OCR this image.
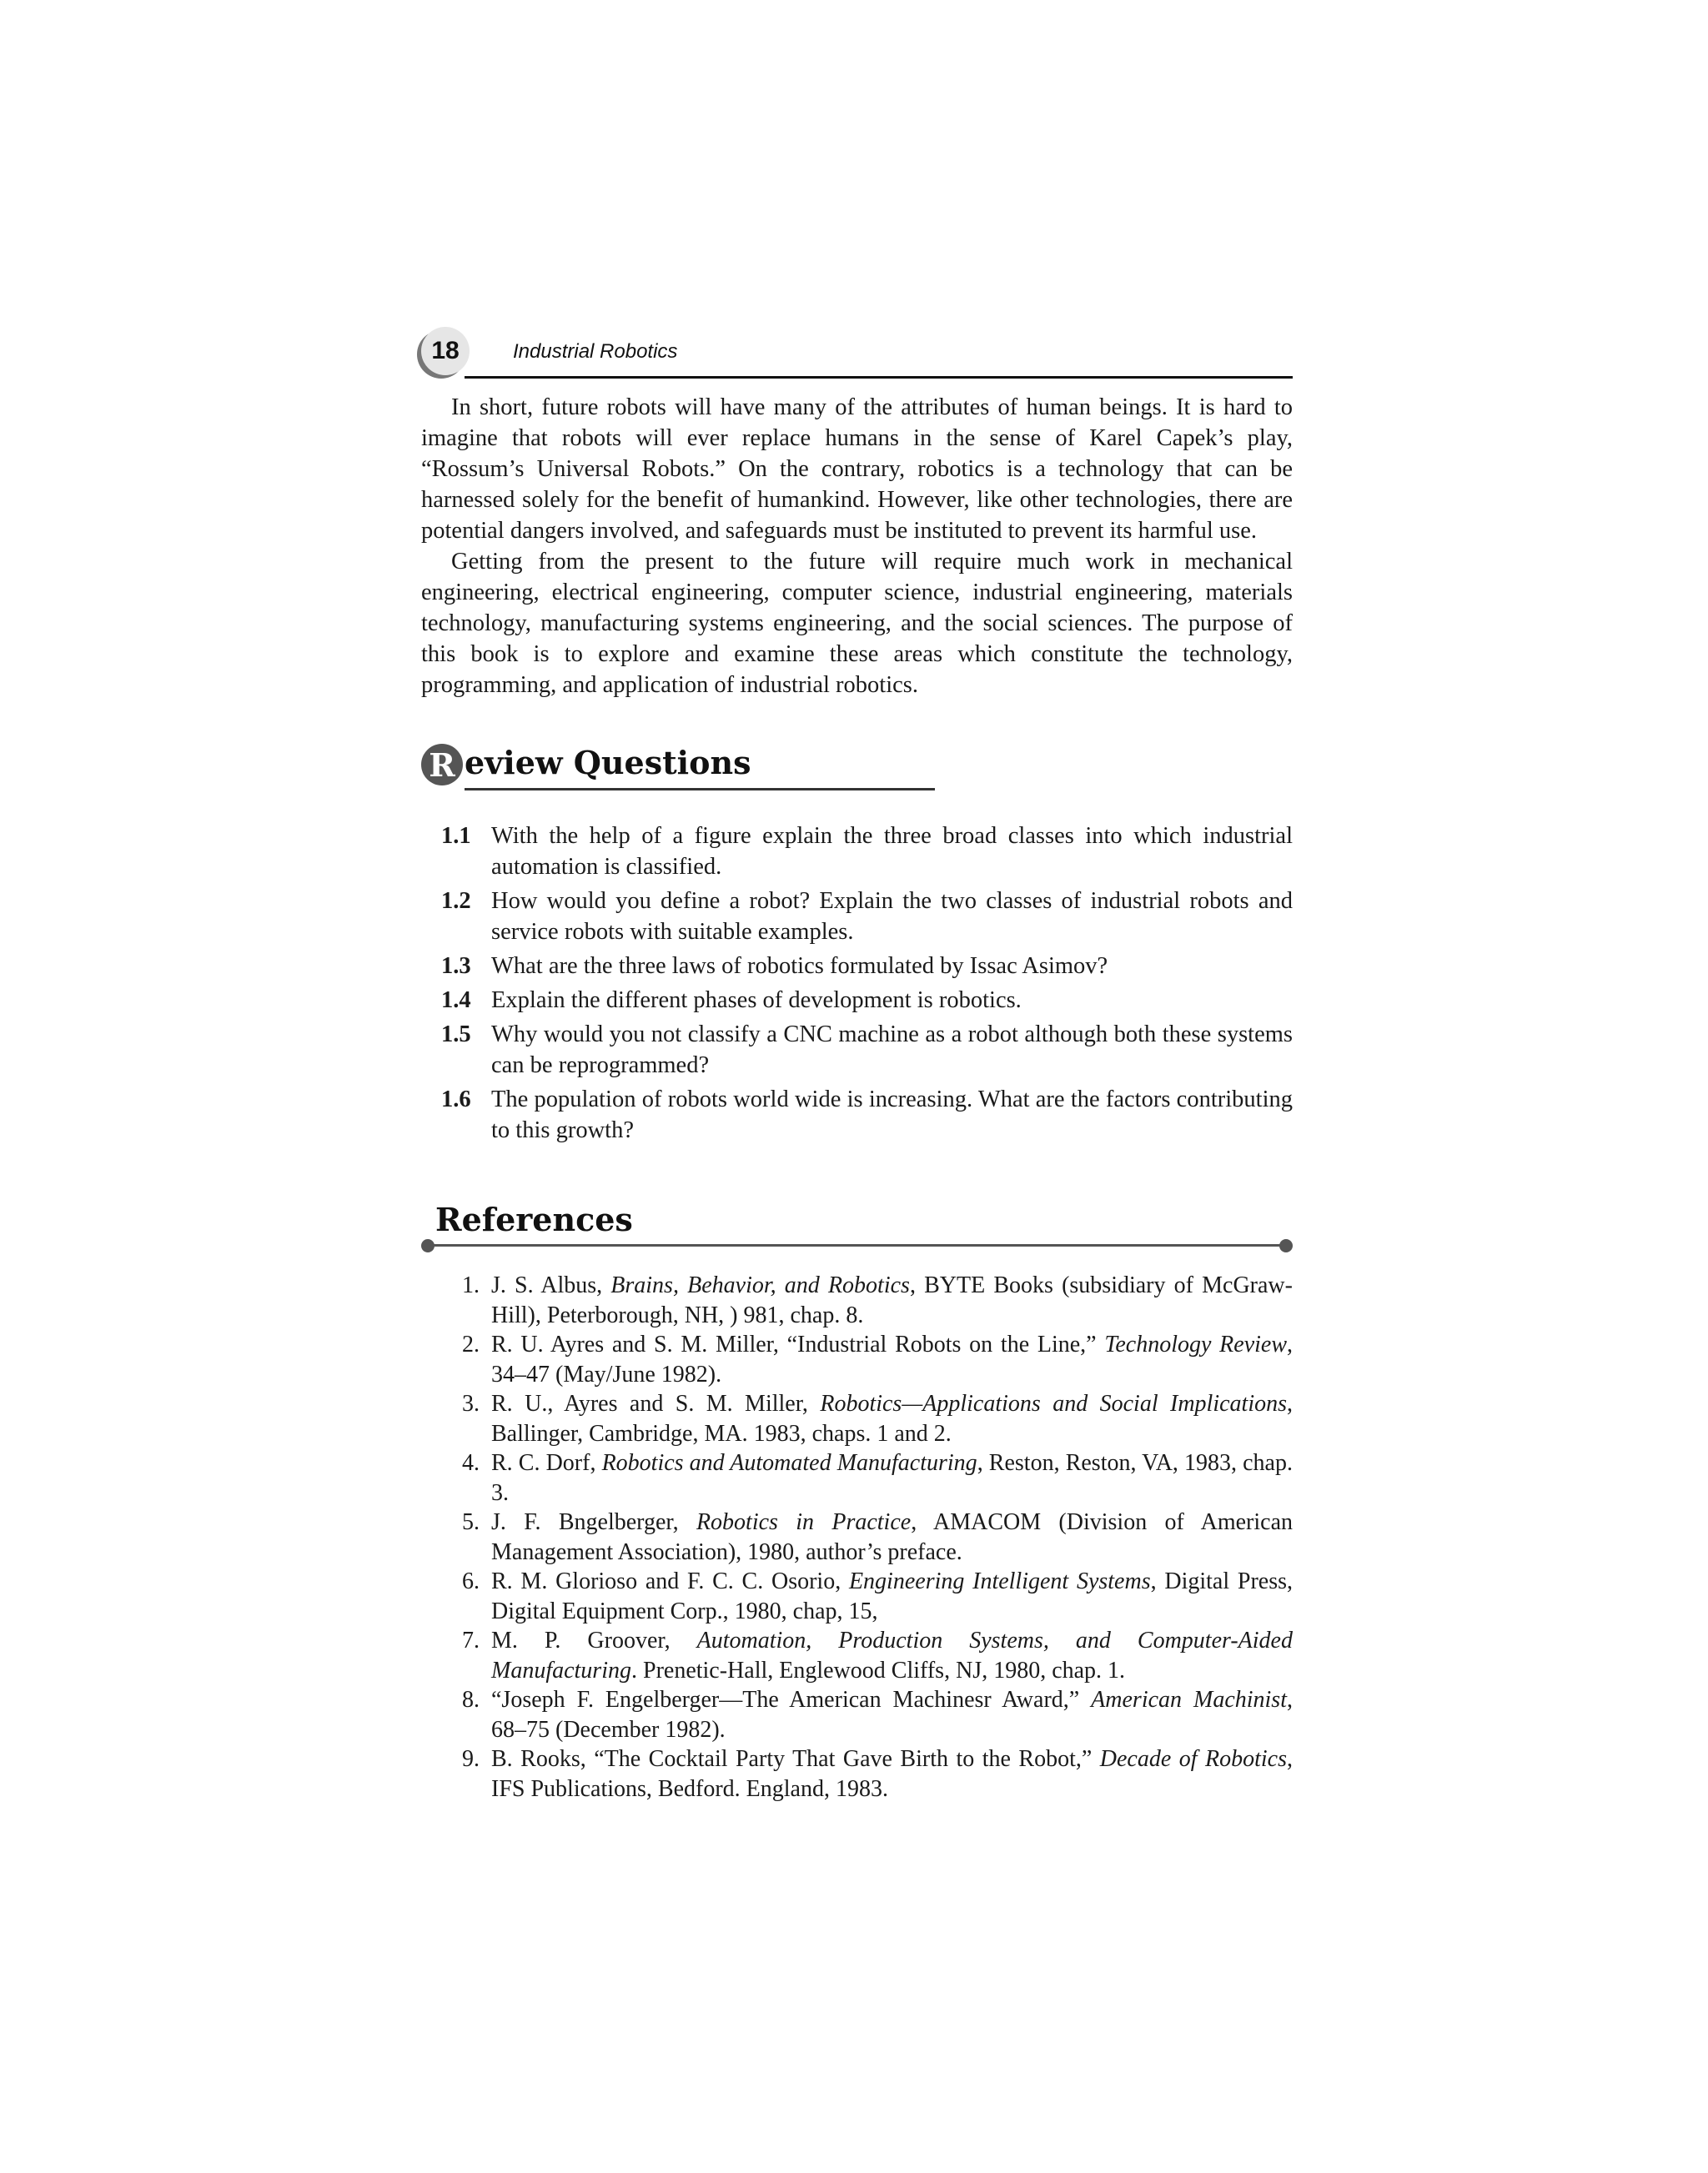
18	Industrial Robotics

In short, future robots will have many of the attributes of human beings. It is hard to imagine that robots will ever replace humans in the sense of Karel Capek’s play, “Rossum’s Universal Robots.” On the contrary, robotics is a technology that can be harnessed solely for the benefit of humankind. However, like other technologies, there are potential dangers involved, and safeguards must be instituted to prevent its harmful use.

Getting from the present to the future will require much work in mechanical engineering, electrical engineering, computer science, industrial engineering, materials technology, manufacturing systems engineering, and the social sciences. The purpose of this book is to explore and examine these areas which constitute the technology, programming, and application of industrial robotics.

R eview Questions
1.1 With the help of a figure explain the three broad classes into which industrial automation is classified.
1.2 How would you define a robot? Explain the two classes of industrial robots and service robots with suitable examples.
1.3 What are the three laws of robotics formulated by Issac Asimov?
1.4 Explain the different phases of development is robotics.
1.5 Why would you not classify a CNC machine as a robot although both these systems can be reprogrammed?
1.6 The population of robots world wide is increasing. What are the factors contributing to this growth?
References
1. J. S. Albus, Brains, Behavior, and Robotics, BYTE Books (subsidiary of McGraw-Hill), Peterborough, NH, ) 981, chap. 8.
2. R. U. Ayres and S. M. Miller, “Industrial Robots on the Line,” Technology Review, 34–47 (May/June 1982).
3. R. U., Ayres and S. M. Miller, Robotics—Applications and Social Implications, Ballinger, Cambridge, MA. 1983, chaps. 1 and 2.
4. R. C. Dorf, Robotics and Automated Manufacturing, Reston, Reston, VA, 1983, chap. 3.
5. J. F. Bngelberger, Robotics in Practice, AMACOM (Division of American Management Association), 1980, author’s preface.
6. R. M. Glorioso and F. C. C. Osorio, Engineering Intelligent Systems, Digital Press, Digital Equipment Corp., 1980, chap, 15,
7. M. P. Groover, Automation, Production Systems, and Computer-Aided Manufacturing. Prenetic-Hall, Englewood Cliffs, NJ, 1980, chap. 1.
8. “Joseph F. Engelberger—The American Machinesr Award,” American Machinist, 68–75 (December 1982).
9. B. Rooks, “The Cocktail Party That Gave Birth to the Robot,” Decade of Robotics, IFS Publications, Bedford. England, 1983.
